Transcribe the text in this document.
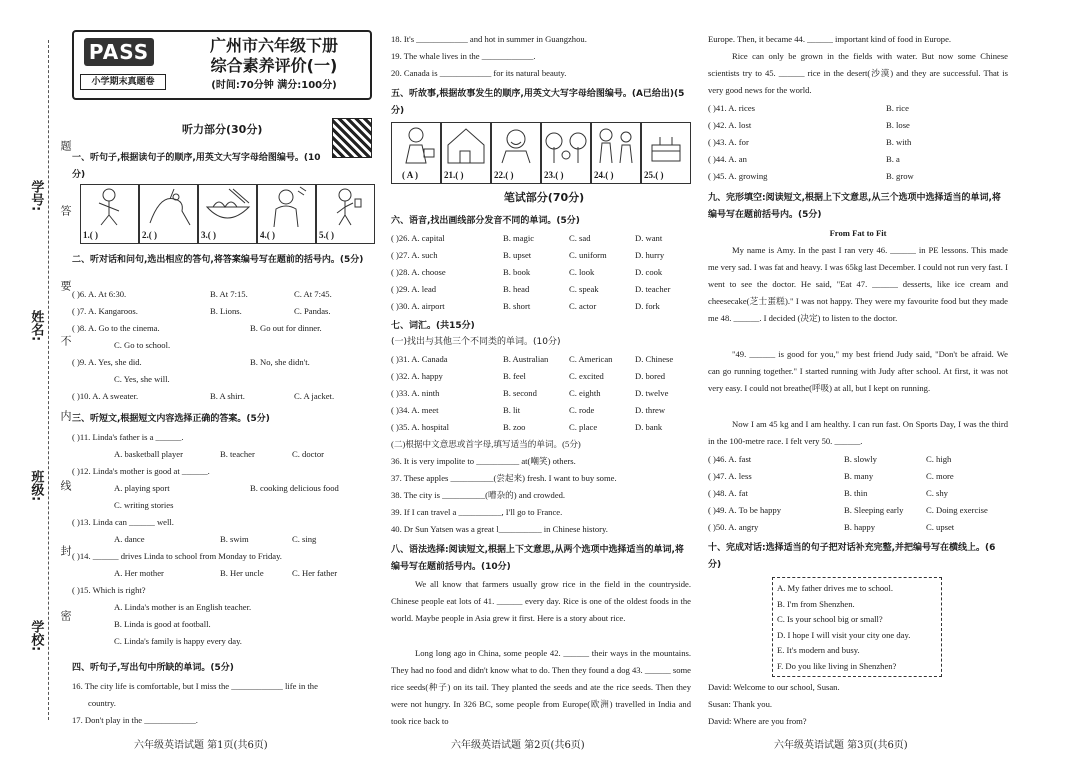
学号:
姓名:
班级:
学校:
题
答
要
不
内
线
封
密
PASS
小学期末真题卷
广州市六年级下册
综合素养评价(一)
(时间:70分钟 满分:100分)
听力部分(30分)
一、听句子,根据读句子的顺序,用英文大写字母给图编号。(10分)
1.( )	2.( )	3.( )	4.( )	5.( )
二、听对话和问句,选出相应的答句,将答案编号写在题前的括号内。(5分)
( )6. A. At 6:30.	B. At 7:15.	C. At 7:45.
( )7. A. Kangaroos.	B. Lions.	C. Pandas.
( )8. A. Go to the cinema.	B. Go out for dinner.
C. Go to school.
( )9. A. Yes, she did.	B. No, she didn't.
C. Yes, she will.
( )10. A. A sweater.	B. A shirt.	C. A jacket.
三、听短文,根据短文内容选择正确的答案。(5分)
( )11. Linda's father is a ______.
A. basketball player	B. teacher	C. doctor
( )12. Linda's mother is good at ______.
A. playing sport	B. cooking delicious food
C. writing stories
( )13. Linda can ______ well.
A. dance	B. swim	C. sing
( )14. ______ drives Linda to school from Monday to Friday.
A. Her mother	B. Her uncle	C. Her father
( )15. Which is right?
A. Linda's mother is an English teacher.
B. Linda is good at football.
C. Linda's family is happy every day.
四、听句子,写出句中所缺的单词。(5分)
16. The city life is comfortable, but I miss the ____________ life in the
country.
17. Don't play in the ____________.
六年级英语试题 第1页(共6页)
18. It's ____________ and hot in summer in Guangzhou.
19. The whale lives in the ____________.
20. Canada is ____________ for its natural beauty.
五、听故事,根据故事发生的顺序,用英文大写字母给图编号。(A已给出)(5分)
( A )	21.( )	22.( )	23.( )	24.( )	25.( )
笔试部分(70分)
六、语音,找出画线部分发音不同的单词。(5分)
( )26. A. capital	B. magic	C. sad	D. want
( )27. A. such	B. upset	C. uniform	D. hurry
( )28. A. choose	B. book	C. look	D. cook
( )29. A. lead	B. head	C. speak	D. teacher
( )30. A. airport	B. short	C. actor	D. fork
七、词汇。(共15分)
(一)找出与其他三个不同类的单词。(10分)
( )31. A. Canada	B. Australian C. American	D. Chinese
( )32. A. happy	B. feel	C. excited	D. bored
( )33. A. ninth	B. second	C. eighth	D. twelve
( )34. A. meet	B. lit	C. rode	D. threw
( )35. A. hospital	B. zoo	C. place	D. bank
(二)根据中文意思或首字母,填写适当的单词。(5分)
36. It is very impolite to __________ at(嘲笑) others.
37. These apples __________(尝起来) fresh. I want to buy some.
38. The city is __________(嘈杂的) and crowded.
39. If I can travel a __________, I'll go to France.
40. Dr Sun Yatsen was a great l__________ in Chinese history.
八、语法选择:阅读短文,根据上下文意思,从两个选项中选择适当的单词,将编号写在题前括号内。(10分)
We all know that farmers usually grow rice in the field in the countryside. Chinese people eat lots of 41. ______ every day. Rice is one of the oldest foods in the world. Maybe people in Asia grew it first. Here is a story about rice.
Long long ago in China, some people 42. ______ their ways in the mountains. They had no food and didn't know what to do. Then they found a dog 43. ______ some rice seeds(种子) on its tail. They planted the seeds and ate the rice seeds. Then they were not hungry. In 326 BC, some people from Europe(欧洲) travelled in India and took rice back to
六年级英语试题 第2页(共6页)
Europe. Then, it became 44. ______ important kind of food in Europe.
Rice can only be grown in the fields with water. But now some Chinese scientists try to 45. ______ rice in the desert(沙漠) and they are successful. That is very good news for the world.
( )41. A. rices	B. rice
( )42. A. lost	B. lose
( )43. A. for	B. with
( )44. A. an	B. a
( )45. A. growing	B. grow
九、完形填空:阅读短文,根据上下文意思,从三个选项中选择适当的单词,将编号写在题前括号内。(5分)
From Fat to Fit
My name is Amy. In the past I ran very 46. ______ in PE lessons. This made me very sad. I was fat and heavy. I was 65kg last December. I could not run very fast. I went to see the doctor. He said, "Eat 47. ______ desserts, like ice cream and cheesecake(芝士蛋糕)." I was not happy. They were my favourite food but they made me 48. ______. I decided (决定) to listen to the doctor.
"49. ______ is good for you," my best friend Judy said, "Don't be afraid. We can go running together." I started running with Judy after school. At first, it was not very easy. I could not breathe(呼吸) at all, but I kept on running.
Now I am 45 kg and I am healthy. I can run fast. On Sports Day, I was the third in the 100-metre race. I felt very 50. ______.
( )46. A. fast	B. slowly	C. high
( )47. A. less	B. many	C. more
( )48. A. fat	B. thin	C. shy
( )49. A. To be happy	B. Sleeping early	C. Doing exercise
( )50. A. angry	B. happy	C. upset
十、完成对话:选择适当的句子把对话补充完整,并把编号写在横线上。(6分)
A. My father drives me to school.
B. I'm from Shenzhen.
C. Is your school big or small?
D. I hope I will visit your city one day.
E. It's modern and busy.
F. Do you like living in Shenzhen?
David: Welcome to our school, Susan.
Susan: Thank you.
David: Where are you from?
六年级英语试题 第3页(共6页)
